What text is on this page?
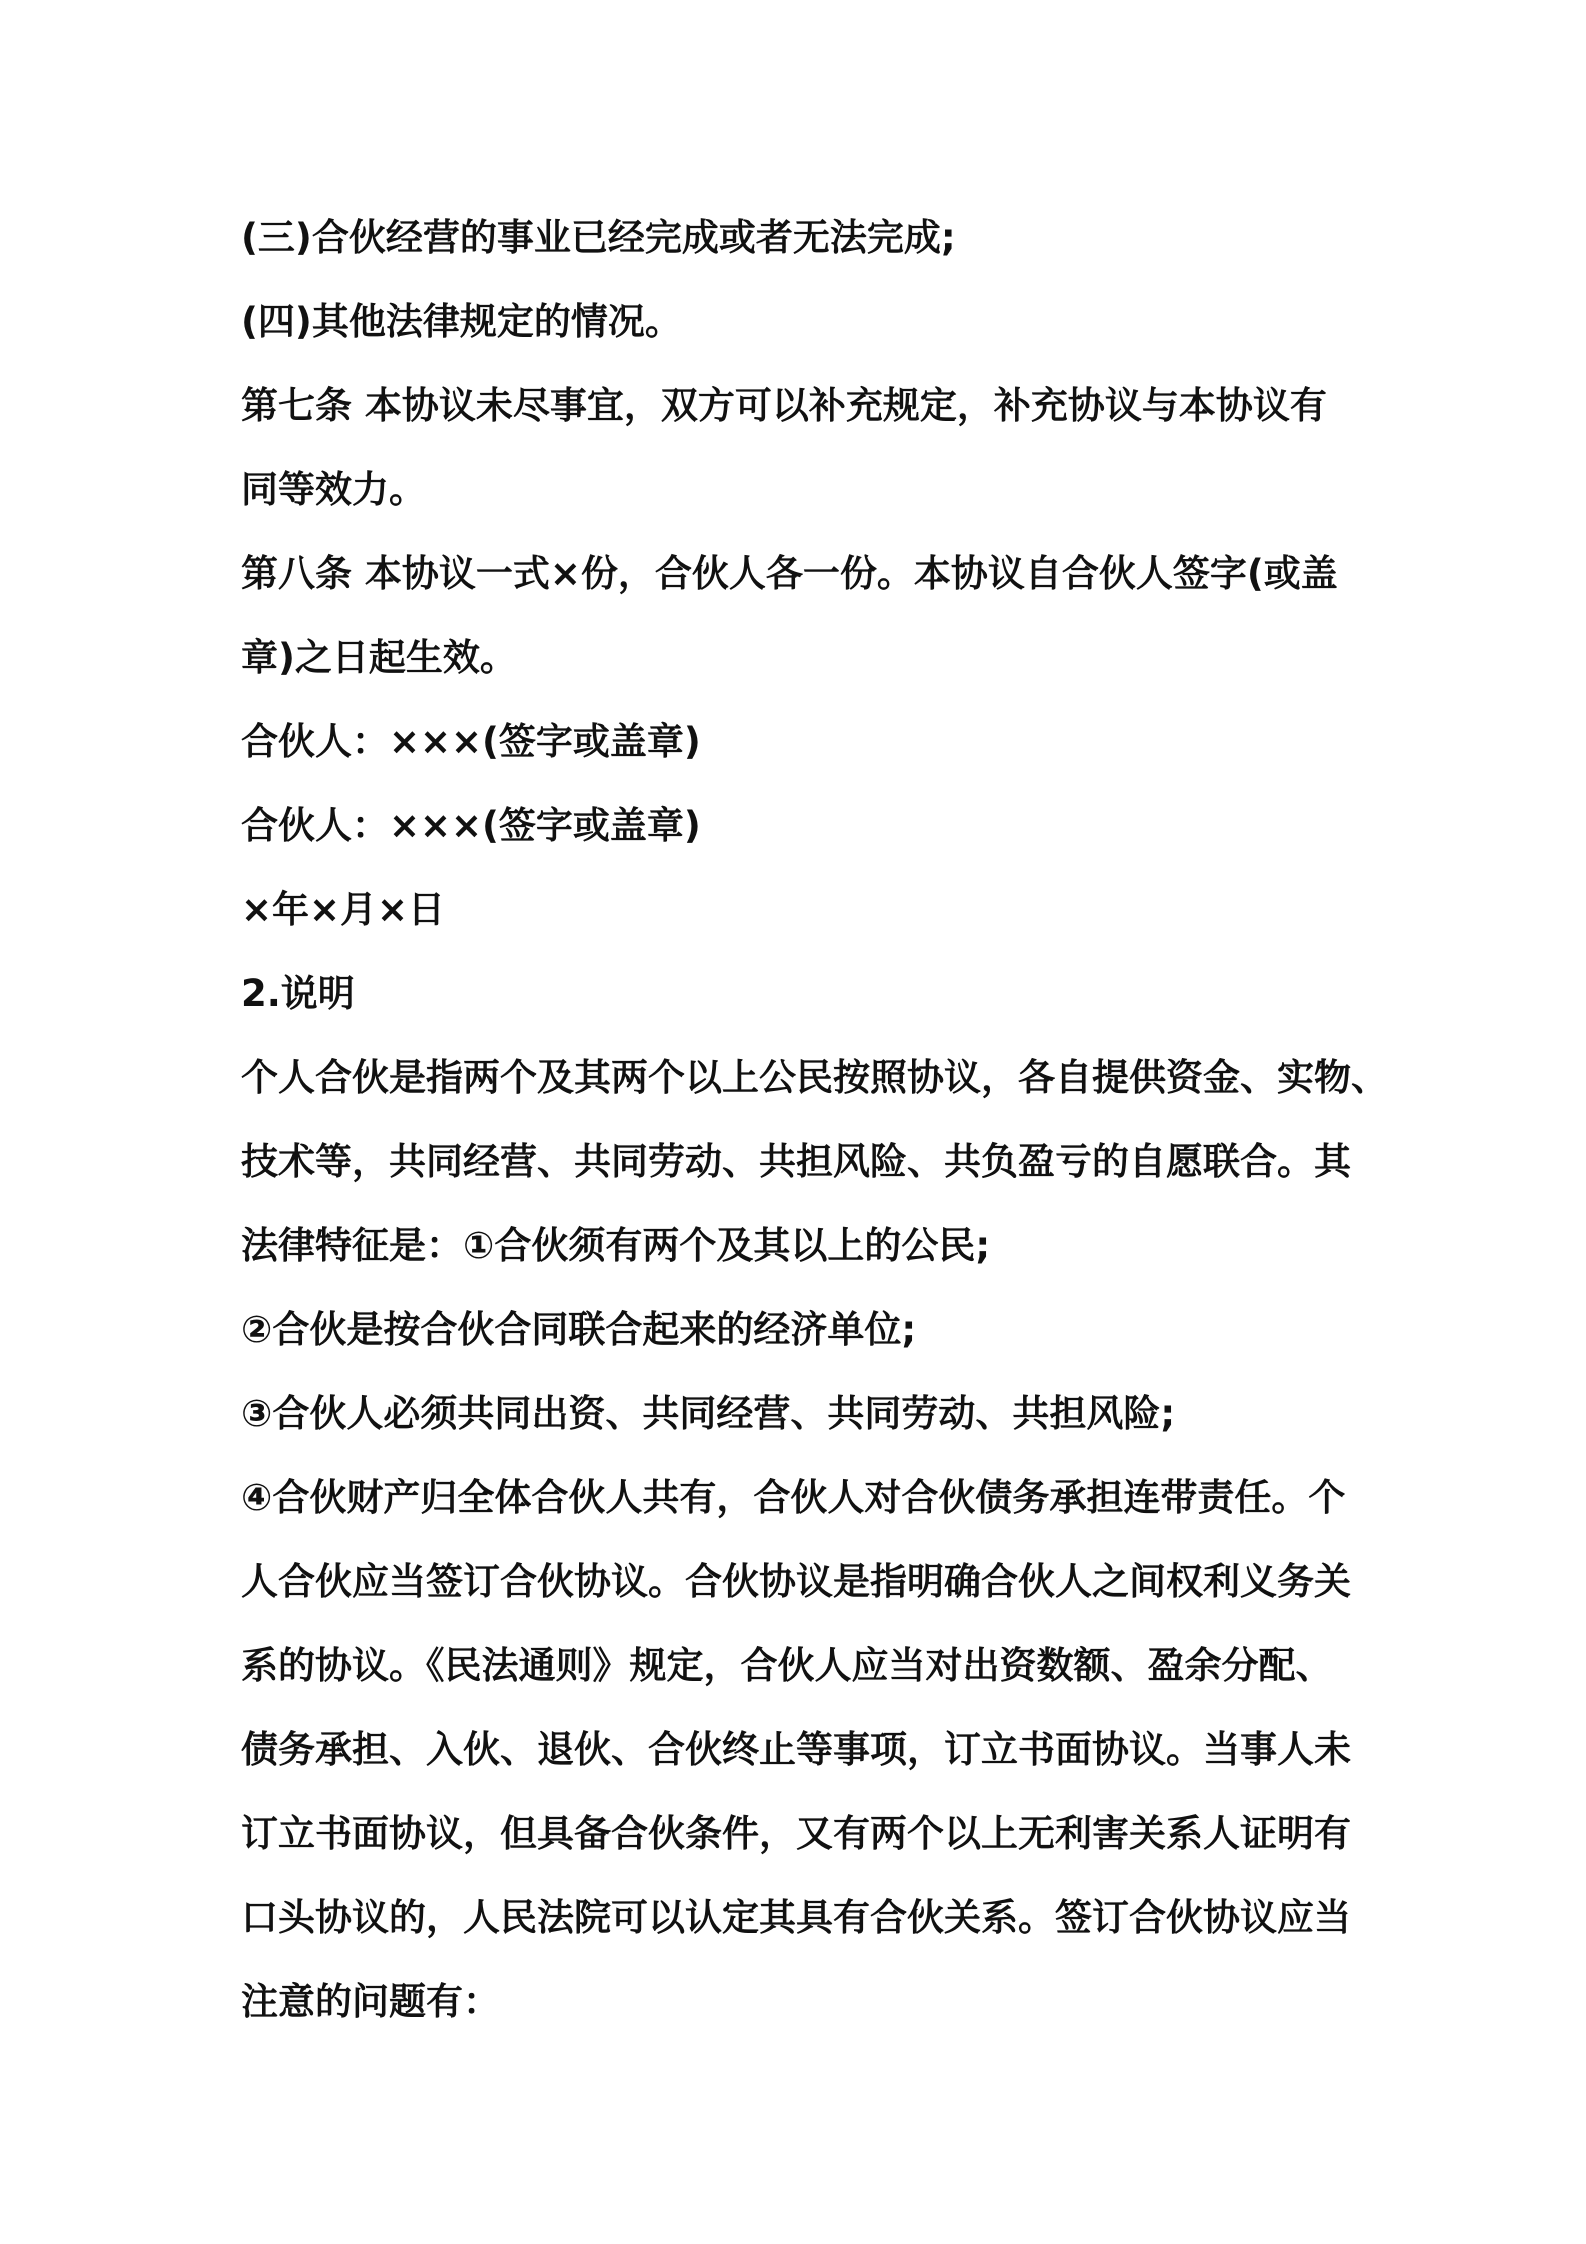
(三)合伙经营的事业已经完成或者无法完成;

(四)其他法律规定的情况。

第七条 本协议未尽事宜，双方可以补充规定，补充协议与本协议有

同等效力。

第八条 本协议一式×份，合伙人各一份。本协议自合伙人签字(或盖

章)之日起生效。

合伙人：×××(签字或盖章)

合伙人：×××(签字或盖章)

×年×月×日

2.说明

个人合伙是指两个及其两个以上公民按照协议，各自提供资金、实物、

技术等，共同经营、共同劳动、共担风险、共负盈亏的自愿联合。其

法律特征是：①合伙须有两个及其以上的公民;

②合伙是按合伙合同联合起来的经济单位;

③合伙人必须共同出资、共同经营、共同劳动、共担风险;

④合伙财产归全体合伙人共有，合伙人对合伙债务承担连带责任。个

人合伙应当签订合伙协议。合伙协议是指明确合伙人之间权利义务关

系的协议。《民法通则》规定，合伙人应当对出资数额、盈余分配、

债务承担、入伙、退伙、合伙终止等事项，订立书面协议。当事人未

订立书面协议，但具备合伙条件，又有两个以上无利害关系人证明有

口头协议的，人民法院可以认定其具有合伙关系。签订合伙协议应当

注意的问题有：
